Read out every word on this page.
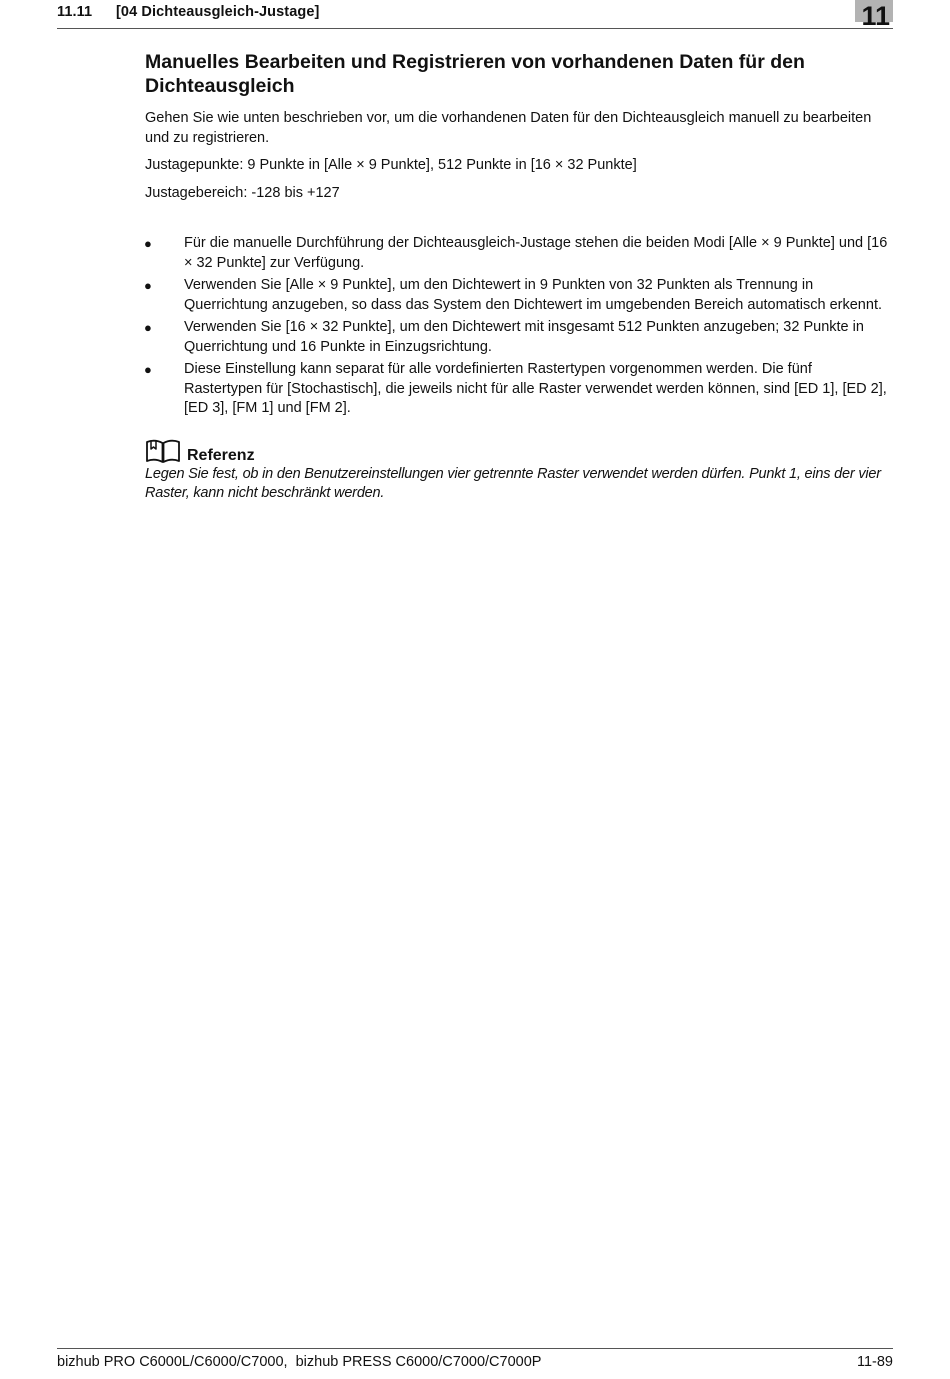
11.11 [04 Dichteausgleich-Justage]	11
Manuelles Bearbeiten und Registrieren von vorhandenen Daten für den Dichteausgleich

Gehen Sie wie unten beschrieben vor, um die vorhandenen Daten für den Dichteausgleich manuell zu bearbeiten und zu registrieren.

Justagepunkte: 9 Punkte in [Alle × 9 Punkte], 512 Punkte in [16 × 32 Punkte]

Justagebereich: -128 bis +127

● Für die manuelle Durchführung der Dichteausgleich-Justage stehen die beiden Modi [Alle × 9 Punkte] und [16 × 32 Punkte] zur Verfügung.
● Verwenden Sie [Alle × 9 Punkte], um den Dichtewert in 9 Punkten von 32 Punkten als Trennung in Querrichtung anzugeben, so dass das System den Dichtewert im umgebenden Bereich automatisch erkennt.
● Verwenden Sie [16 × 32 Punkte], um den Dichtewert mit insgesamt 512 Punkten anzugeben; 32 Punkte in Querrichtung und 16 Punkte in Einzugsrichtung.
● Diese Einstellung kann separat für alle vordefinierten Rastertypen vorgenommen werden. Die fünf Rastertypen für [Stochastisch], die jeweils nicht für alle Raster verwendet werden können, sind [ED 1], [ED 2], [ED 3], [FM 1] und [FM 2].
Referenz

Legen Sie fest, ob in den Benutzereinstellungen vier getrennte Raster verwendet werden dürfen. Punkt 1, eins der vier Raster, kann nicht beschränkt werden.

bizhub PRO C6000L/C6000/C7000,  bizhub PRESS C6000/C7000/C7000P	11-89
